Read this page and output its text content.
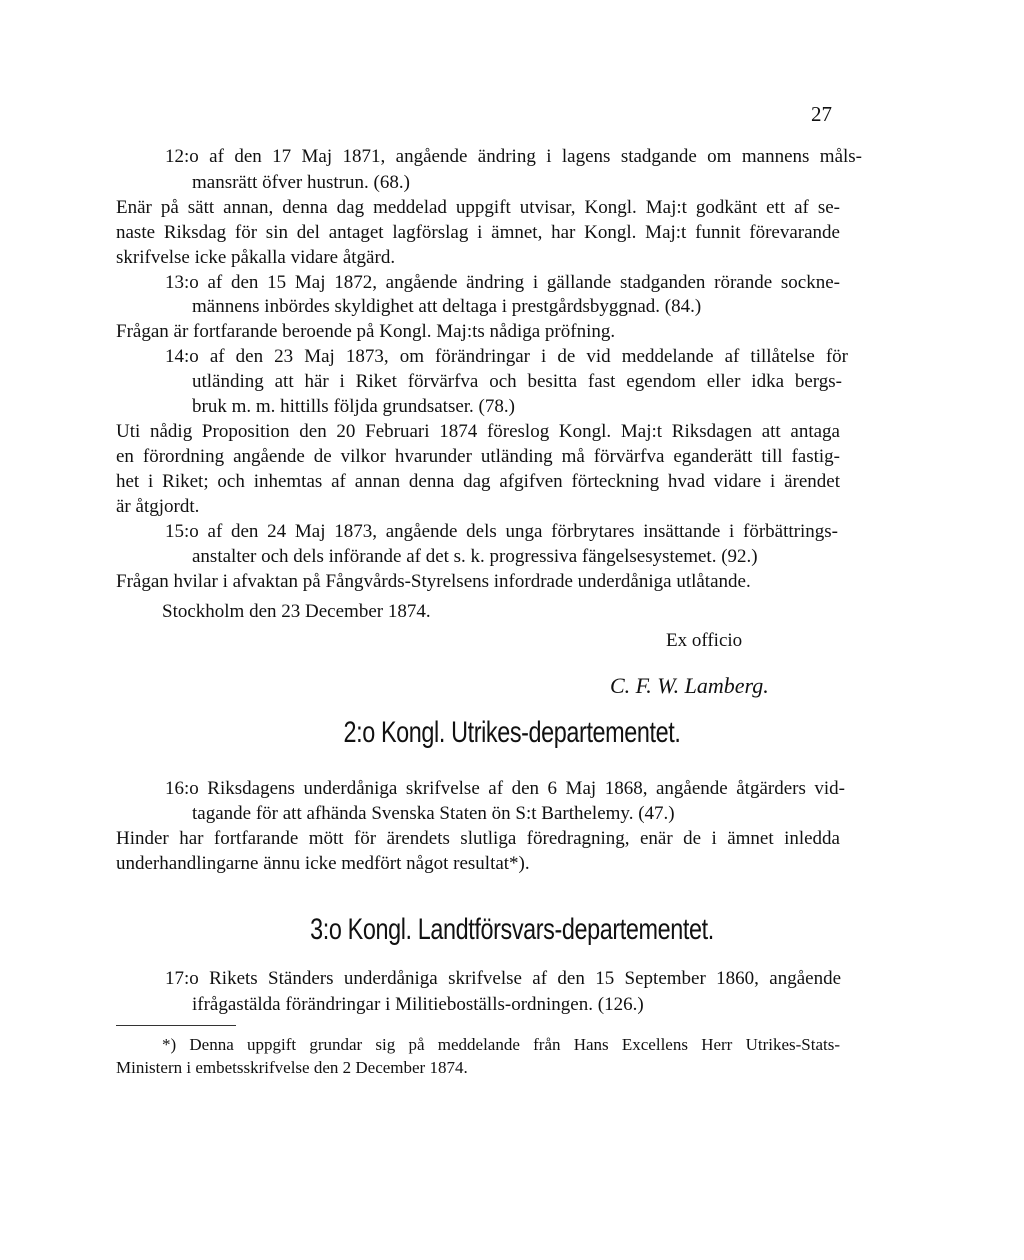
27
12:o af den 17 Maj 1871, angående ändring i lagens stadgande om mannens måls-
mansrätt öfver hustrun. (68.)
Enär på sätt annan, denna dag meddelad uppgift utvisar, Kongl. Maj:t godkänt ett af se-
naste Riksdag för sin del antaget lagförslag i ämnet, har Kongl. Maj:t funnit förevarande
skrifvelse icke påkalla vidare åtgärd.
13:o af den 15 Maj 1872, angående ändring i gällande stadganden rörande sockne-
männens inbördes skyldighet att deltaga i prestgårdsbyggnad. (84.)
Frågan är fortfarande beroende på Kongl. Maj:ts nådiga pröfning.
14:o af den 23 Maj 1873, om förändringar i de vid meddelande af tillåtelse för
utländing att här i Riket förvärfva och besitta fast egendom eller idka bergs-
bruk m. m. hittills följda grundsatser. (78.)
Uti nådig Proposition den 20 Februari 1874 föreslog Kongl. Maj:t Riksdagen att antaga
en förordning angående de vilkor hvarunder utländing må förvärfva eganderätt till fastig-
het i Riket; och inhemtas af annan denna dag afgifven förteckning hvad vidare i ärendet
är åtgjordt.
15:o af den 24 Maj 1873, angående dels unga förbrytares insättande i förbättrings-
anstalter och dels införande af det s. k. progressiva fängelsesystemet. (92.)
Frågan hvilar i afvaktan på Fångvårds-Styrelsens infordrade underdåniga utlåtande.
Stockholm den 23 December 1874.
Ex officio
C. F. W. Lamberg.
2:o Kongl. Utrikes-departementet.
16:o Riksdagens underdåniga skrifvelse af den 6 Maj 1868, angående åtgärders vid-
tagande för att afhända Svenska Staten ön S:t Barthelemy. (47.)
Hinder har fortfarande mött för ärendets slutliga föredragning, enär de i ämnet inledda
underhandlingarne ännu icke medfört något resultat*).
3:o Kongl. Landtförsvars-departementet.
17:o Rikets Ständers underdåniga skrifvelse af den 15 September 1860, angående
ifrågastälda förändringar i Militieboställs-ordningen. (126.)
*) Denna uppgift grundar sig på meddelande från Hans Excellens Herr Utrikes-Stats-
Ministern i embetsskrifvelse den 2 December 1874.
